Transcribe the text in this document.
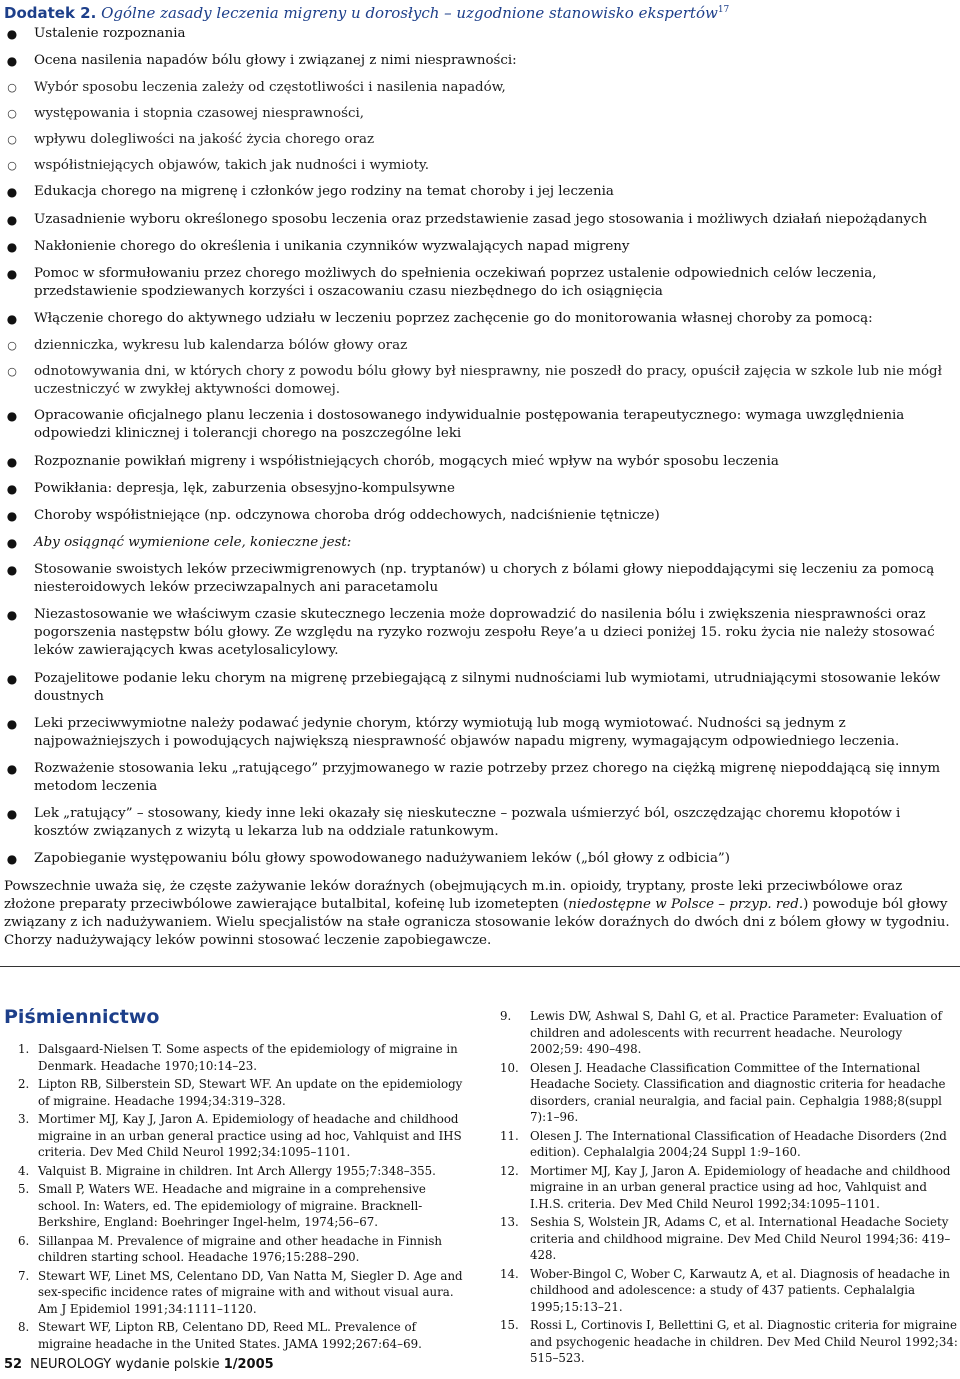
Dodatek 2. Ogólne zasady leczenia migreny u dorosłych – uzgodnione stanowisko ekspertów$^{17}$
● Ustalenie rozpoznania
● Ocena nasilenia napadów bólu głowy i związanej z nimi niesprawności:
○ Wybór sposobu leczenia zależy od częstotliwości i nasilenia napadów,
○ występowania i stopnia czasowej niesprawności,
○ wpływu dolegliwości na jakość życia chorego oraz
○ współistniejących objawów, takich jak nudności i wymioty.
● Edukacja chorego na migrenę i członków jego rodziny na temat choroby i jej leczenia
● Uzasadnienie wyboru określonego sposobu leczenia oraz przedstawienie zasad jego stosowania i możliwych działań niepożądanych
● Nakłonienie chorego do określenia i unikania czynników wyzwalających napad migreny
● Pomoc w sformułowaniu przez chorego możliwych do spełnienia oczekiwań poprzez ustalenie odpowiednich celów leczenia, przedstawienie spodziewanych korzyści i oszacowaniu czasu niezbędnego do ich osiągnięcia
● Włączenie chorego do aktywnego udziału w leczeniu poprzez zachęcenie go do monitorowania własnej choroby za pomocą:
○ dzienniczka, wykresu lub kalendarza bólów głowy oraz
○ odnotowywania dni, w których chory z powodu bólu głowy był niesprawny, nie poszedł do pracy, opuścił zajęcia w szkole lub nie mógł uczestniczyć w zwykłej aktywności domowej.
● Opracowanie oficjalnego planu leczenia i dostosowanego indywidualnie postępowania terapeutycznego: wymaga uwzględnienia odpowiedzi klinicznej i tolerancji chorego na poszczególne leki
● Rozpoznanie powikłań migreny i współistniejących chorób, mogących mieć wpływ na wybór sposobu leczenia
● Powikłania: depresja, lęk, zaburzenia obsesyjno-kompulsywne
● Choroby współistniejące (np. odczynowa choroba dróg oddechowych, nadciśnienie tętnicze)
● Aby osiągnąć wymienione cele, konieczne jest:
● Stosowanie swoistych leków przeciwmigrenowych (np. tryptanów) u chorych z bólami głowy niepoddającymi się leczeniu za pomocą niesteroidowych leków przeciwzapalnych ani paracetamolu
● Niezastosowanie we właściwym czasie skutecznego leczenia może doprowadzić do nasilenia bólu i zwiększenia niesprawności oraz pogorszenia następstw bólu głowy. Ze względu na ryzyko rozwoju zespołu Reye’a u dzieci poniżej 15. roku życia nie należy stosować leków zawierających kwas acetylosalicylowy.
● Pozajelitowe podanie leku chorym na migrenę przebiegającą z silnymi nudnościami lub wymiotami, utrudniającymi stosowanie leków doustnych
● Leki przeciwwymiotne należy podawać jedynie chorym, którzy wymiotują lub mogą wymiotować. Nudności są jednym z najpoważniejszych i powodujących największą niesprawność objawów napadu migreny, wymagającym odpowiedniego leczenia.
● Rozważenie stosowania leku „ratującego” przyjmowanego w razie potrzeby przez chorego na ciężką migrenę niepoddającą się innym metodom leczenia
● Lek „ratujący” – stosowany, kiedy inne leki okazały się nieskuteczne – pozwala uśmierzyć ból, oszczędzając choremu kłopotów i kosztów związanych z wizytą u lekarza lub na oddziale ratunkowym.
● Zapobieganie występowaniu bólu głowy spowodowanego nadużywaniem leków („ból głowy z odbicia”)
Powszechnie uważa się, że częste zażywanie leków doraźnych (obejmujących m.in. opioidy, tryptany, proste leki przeciwbólowe oraz złożone preparaty przeciwbólowe zawierające butalbital, kofeinę lub izometepten (niedostępne w Polsce – przyp. red.) powoduje ból głowy związany z ich nadużywaniem. Wielu specjalistów na stałe ogranicza stosowanie leków doraźnych do dwóch dni z bólem głowy w tygodniu. Chorzy nadużywający leków powinni stosować leczenie zapobiegawcze.
Piśmiennictwo
1. Dalsgaard-Nielsen T. Some aspects of the epidemiology of migraine in Denmark. Headache 1970;10:14–23.
2. Lipton RB, Silberstein SD, Stewart WF. An update on the epidemiology of migraine. Headache 1994;34:319–328.
3. Mortimer MJ, Kay J, Jaron A. Epidemiology of headache and childhood migraine in an urban general practice using ad hoc, Vahlquist and IHS criteria. Dev Med Child Neurol 1992;34:1095–1101.
4. Valquist B. Migraine in children. Int Arch Allergy 1955;7:348–355.
5. Small P, Waters WE. Headache and migraine in a comprehensive school. In: Waters, ed. The epidemiology of migraine. Bracknell- Berkshire, England: Boehringer Ingel-helm, 1974;56–67.
6. Sillanpaa M. Prevalence of migraine and other headache in Finnish children starting school. Headache 1976;15:288–290.
7. Stewart WF, Linet MS, Celentano DD, Van Natta M, Siegler D. Age and sex-specific incidence rates of migraine with and without visual aura. Am J Epidemiol 1991;34:1111–1120.
8. Stewart WF, Lipton RB, Celentano DD, Reed ML. Prevalence of migraine headache in the United States. JAMA 1992;267:64–69.
9. Lewis DW, Ashwal S, Dahl G, et al. Practice Parameter: Evaluation of children and adolescents with recurrent headache. Neurology 2002;59: 490–498.
10. Olesen J. Headache Classification Committee of the International Headache Society. Classification and diagnostic criteria for headache disorders, cranial neuralgia, and facial pain. Cephalgia 1988;8(suppl 7):1–96.
11. Olesen J. The International Classification of Headache Disorders (2nd edition). Cephalalgia 2004;24 Suppl 1:9–160.
12. Mortimer MJ, Kay J, Jaron A. Epidemiology of headache and childhood migraine in an urban general practice using ad hoc, Vahlquist and I.H.S. criteria. Dev Med Child Neurol 1992;34:1095–1101.
13. Seshia S, Wolstein JR, Adams C, et al. International Headache Society criteria and childhood migraine. Dev Med Child Neurol 1994;36: 419–428.
14. Wober-Bingol C, Wober C, Karwautz A, et al. Diagnosis of headache in childhood and adolescence: a study of 437 patients. Cephalalgia 1995;15:13–21.
15. Rossi L, Cortinovis I, Bellettini G, et al. Diagnostic criteria for migraine and psychogenic headache in children. Dev Med Child Neurol 1992;34: 515–523.
52 NEUROLOGY wydanie polskie 1/2005
